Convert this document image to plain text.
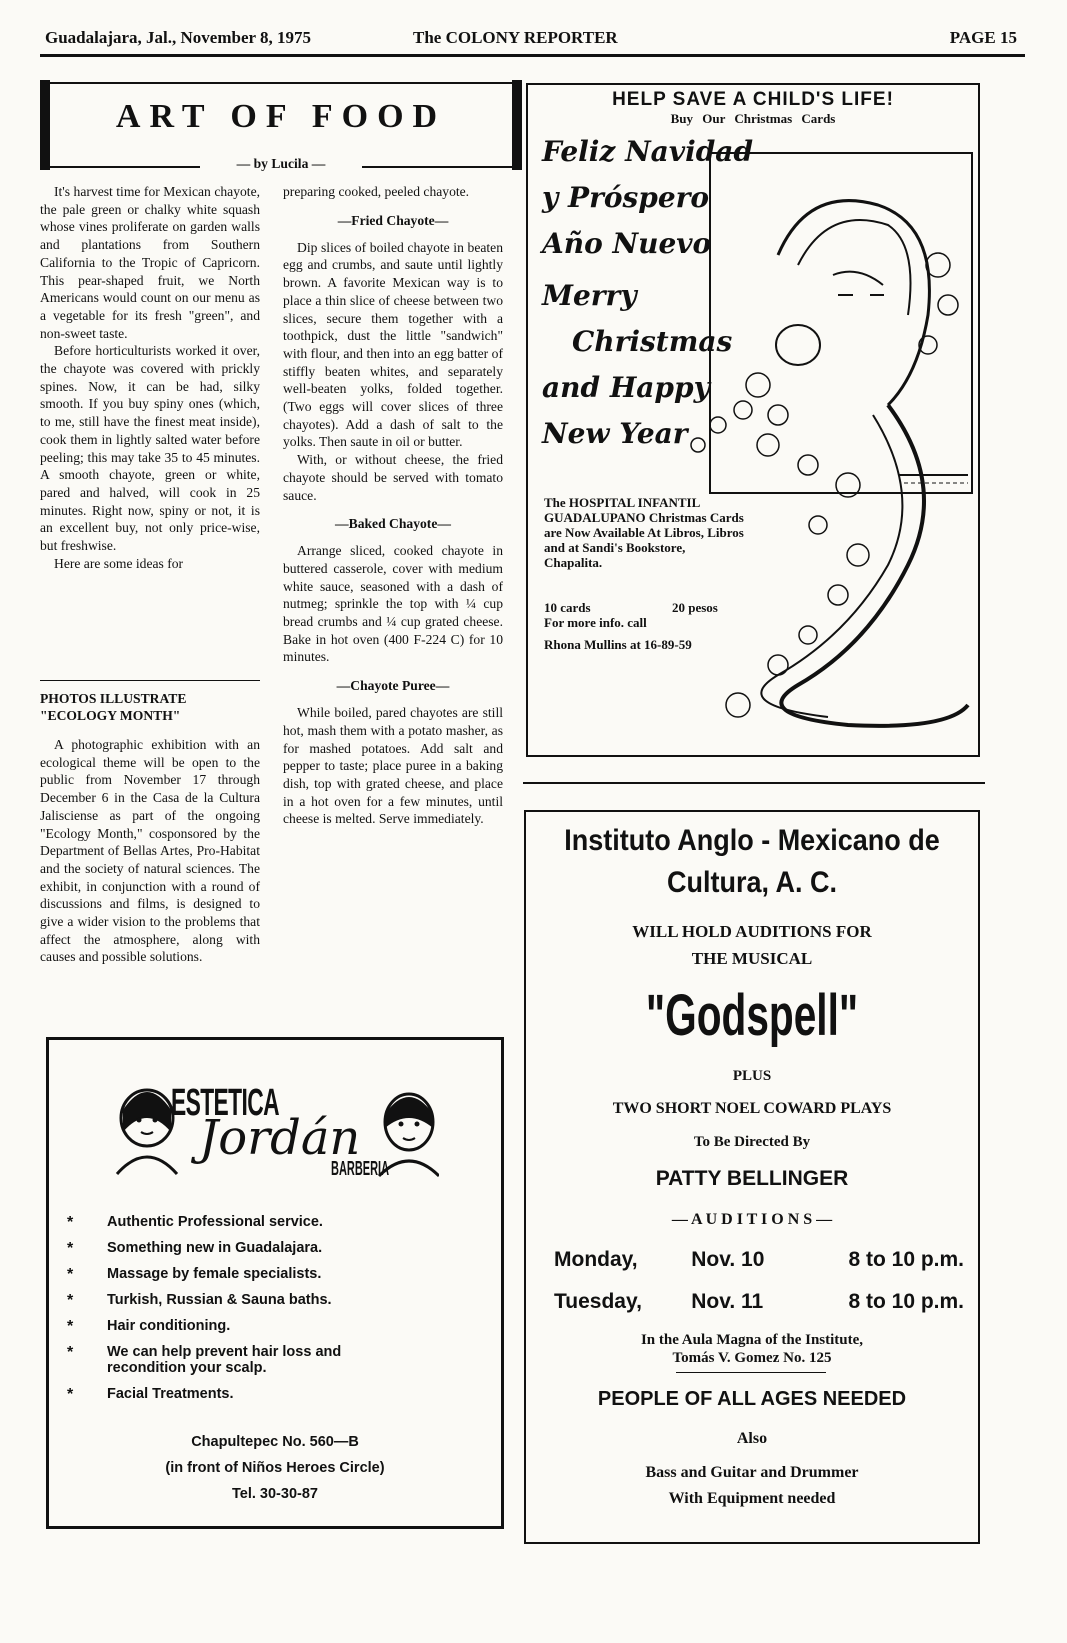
Guadalajara, Jal., November 8, 1975	The COLONY REPORTER	PAGE 15
ART OF FOOD
— by Lucila —

It's harvest time for Mexican chayote, the pale green or chalky white squash whose vines proliferate on garden walls and plantations from Southern California to the Tropic of Capricorn. This pear-shaped fruit, we North Americans would count on our menu as a vegetable for its fresh "green", and non-sweet taste.

Before horticulturists worked it over, the chayote was covered with prickly spines. Now, it can be had, silky smooth. If you buy spiny ones (which, to me, still have the finest meat inside), cook them in lightly salted water before peeling; this may take 35 to 45 minutes. A smooth chayote, green or white, pared and halved, will cook in 25 minutes. Right now, spiny or not, it is an excellent buy, not only price-wise, but freshwise.

Here are some ideas for

PHOTOS ILLUSTRATE "ECOLOGY MONTH"

A photographic exhibition with an ecological theme will be open to the public from November 17 through December 6 in the Casa de la Cultura Jalisciense as part of the ongoing "Ecology Month," cosponsored by the Department of Bellas Artes, Pro-Habitat and the society of natural sciences. The exhibit, in conjunction with a round of discussions and films, is designed to give a wider vision to the problems that affect the atmosphere, along with causes and possible solutions.

preparing cooked, peeled chayote.

—Fried Chayote—

Dip slices of boiled chayote in beaten egg and crumbs, and saute until lightly brown. A favorite Mexican way is to place a thin slice of cheese between two slices, secure them together with a toothpick, dust the little "sandwich" with flour, and then into an egg batter of stiffly beaten whites, and separately well-beaten yolks, folded together. (Two eggs will cover slices of three chayotes). Add a dash of salt to the yolks. Then saute in oil or butter.

With, or without cheese, the fried chayote should be served with tomato sauce.

—Baked Chayote—

Arrange sliced, cooked chayote in buttered casserole, cover with medium white sauce, seasoned with a dash of nutmeg; sprinkle the top with ¼ cup bread crumbs and ¼ cup grated cheese. Bake in hot oven (400 F-224 C) for 10 minutes.

—Chayote Puree—

While boiled, pared chayotes are still hot, mash them with a potato masher, as for mashed potatoes. Add salt and pepper to taste; place puree in a baking dish, top with grated cheese, and place in a hot oven for a few minutes, until cheese is melted. Serve immediately.

ESTETICA
Jordán
BARBERIA
* Authentic Professional service.
* Something new in Guadalajara.
* Massage by female specialists.
* Turkish, Russian & Sauna baths.
* Hair conditioning.
* We can help prevent hair loss and recondition your scalp.
* Facial Treatments.
Chapultepec No. 560—B
(in front of Niños Heroes Circle)
Tel. 30-30-87
HELP SAVE A CHILD'S LIFE!
Buy Our Christmas Cards
Feliz Navidad
y Próspero
Año Nuevo
Merry
Christmas
and Happy
New Year
The HOSPITAL INFANTIL GUADALUPANO Christmas Cards are Now Available At Libros, Libros and at Sandi's Bookstore, Chapalita.
10 cards	20 pesos
For more info. call
Rhona Mullins at 16-89-59
Instituto Anglo - Mexicano de Cultura, A. C.
WILL HOLD AUDITIONS FOR
THE MUSICAL
"Godspell"
PLUS
TWO SHORT NOEL COWARD PLAYS
To Be Directed By
PATTY BELLINGER
— A U D I T I O N S —
Monday,	Nov. 10	8 to 10 p.m.
Tuesday,	Nov. 11	8 to 10 p.m.
In the Aula Magna of the Institute,
Tomás V. Gomez No. 125
PEOPLE OF ALL AGES NEEDED
Also
Bass and Guitar and Drummer
With Equipment needed
